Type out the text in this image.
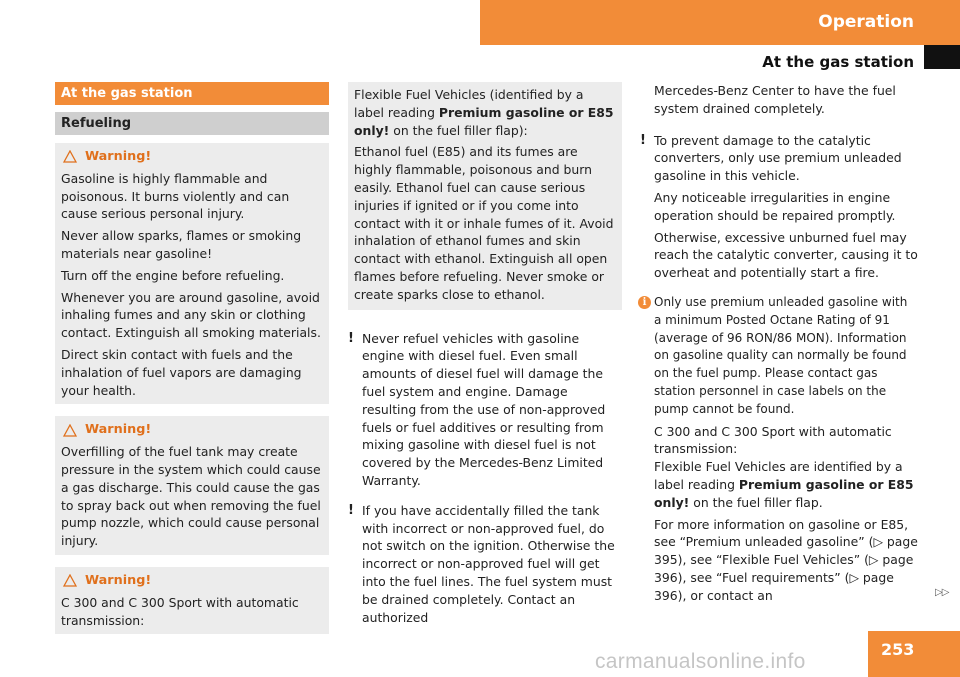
Operation
At the gas station
At the gas station
Refueling
Warning!

Gasoline is highly flammable and poisonous. It burns violently and can cause serious personal injury.

Never allow sparks, flames or smoking materials near gasoline!

Turn off the engine before refueling.

Whenever you are around gasoline, avoid inhaling fumes and any skin or clothing contact. Extinguish all smoking materials.

Direct skin contact with fuels and the inhalation of fuel vapors are damaging your health.

Warning!

Overfilling of the fuel tank may create pressure in the system which could cause a gas discharge. This could cause the gas to spray back out when removing the fuel pump nozzle, which could cause personal injury.

Warning!

C 300 and C 300 Sport with automatic transmission:

Flexible Fuel Vehicles (identified by a label reading Premium gasoline or E85 only! on the fuel filler flap):

Ethanol fuel (E85) and its fumes are highly flammable, poisonous and burn easily. Ethanol fuel can cause serious injuries if ignited or if you come into contact with it or inhale fumes of it. Avoid inhalation of ethanol fumes and skin contact with ethanol. Extinguish all open flames before refueling. Never smoke or create sparks close to ethanol.

! Never refuel vehicles with gasoline engine with diesel fuel. Even small amounts of diesel fuel will damage the fuel system and engine. Damage resulting from the use of non-approved fuels or fuel additives or resulting from mixing gasoline with diesel fuel is not covered by the Mercedes-Benz Limited Warranty.

! If you have accidentally filled the tank with incorrect or non-approved fuel, do not switch on the ignition. Otherwise the incorrect or non-approved fuel will get into the fuel lines. The fuel system must be drained completely. Contact an authorized

Mercedes-Benz Center to have the fuel system drained completely.

! To prevent damage to the catalytic converters, only use premium unleaded gasoline in this vehicle.

Any noticeable irregularities in engine operation should be repaired promptly.

Otherwise, excessive unburned fuel may reach the catalytic converter, causing it to overheat and potentially start a fire.

i Only use premium unleaded gasoline with a minimum Posted Octane Rating of 91 (average of 96 RON/86 MON). Information on gasoline quality can normally be found on the fuel pump. Please contact gas station personnel in case labels on the pump cannot be found.

C 300 and C 300 Sport with automatic transmission:
Flexible Fuel Vehicles are identified by a label reading Premium gasoline or E85 only! on the fuel filler flap.

For more information on gasoline or E85, see “Premium unleaded gasoline” (▷ page 395), see “Flexible Fuel Vehicles” (▷ page 396), see “Fuel requirements” (▷ page 396), or contact an	▷▷
253
carmanualsonline.info
